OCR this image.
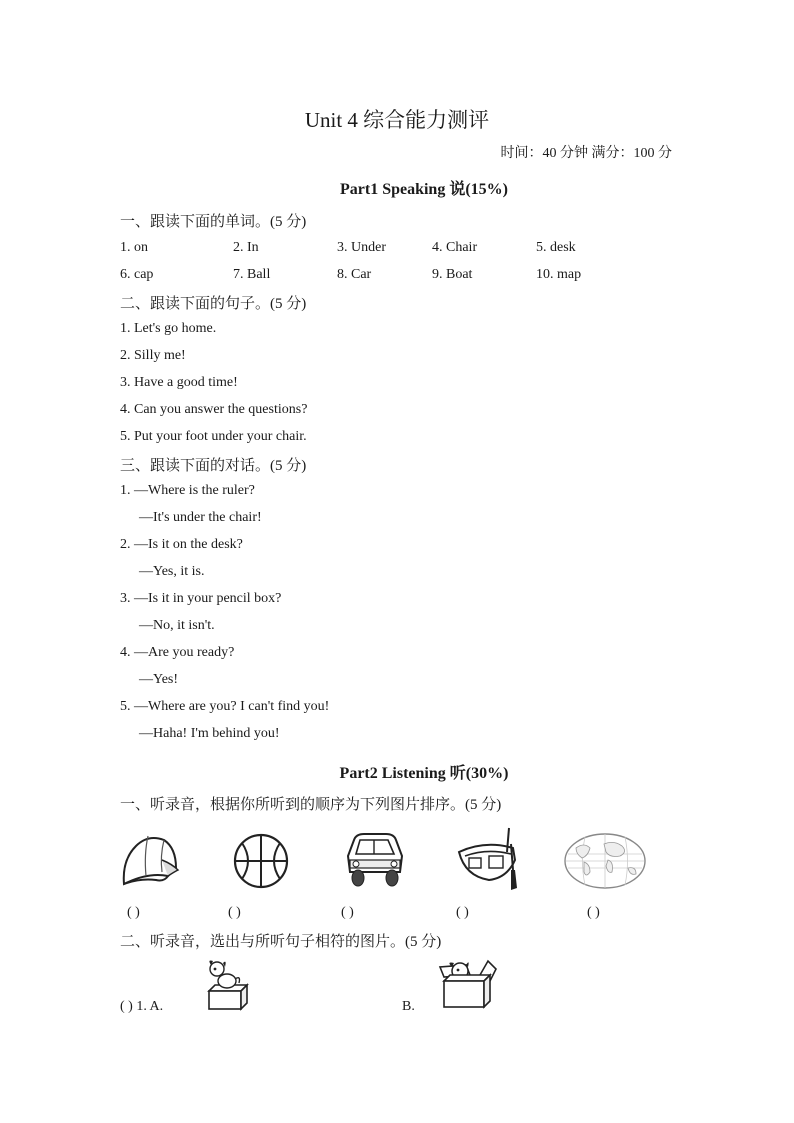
Unit 4 综合能力测评
时间：40 分钟 满分：100 分
Part1 Speaking 说(15%)
一、跟读下面的单词。(5 分)
1. on	2. In	3. Under	4. Chair	5. desk
6. cap	7. Ball	8. Car	9. Boat	10. map
二、跟读下面的句子。(5 分)
1. Let's go home.
2. Silly me!
3. Have a good time!
4. Can you answer the questions?
5. Put your foot under your chair.
三、跟读下面的对话。(5 分)
1. —Where is the ruler?
—It's under the chair!
2. —Is it on the desk?
—Yes, it is.
3. —Is it in your pencil box?
—No, it isn't.
4. —Are you ready?
—Yes!
5. —Where are you? I can't find you!
—Haha! I'm behind you!
Part2 Listening 听(30%)
一、听录音，根据你所听到的顺序为下列图片排序。(5 分)
( )	( )	( )	( )	( )
二、听录音，选出与所听句子相符的图片。(5 分)
( ) 1. A.	B.
